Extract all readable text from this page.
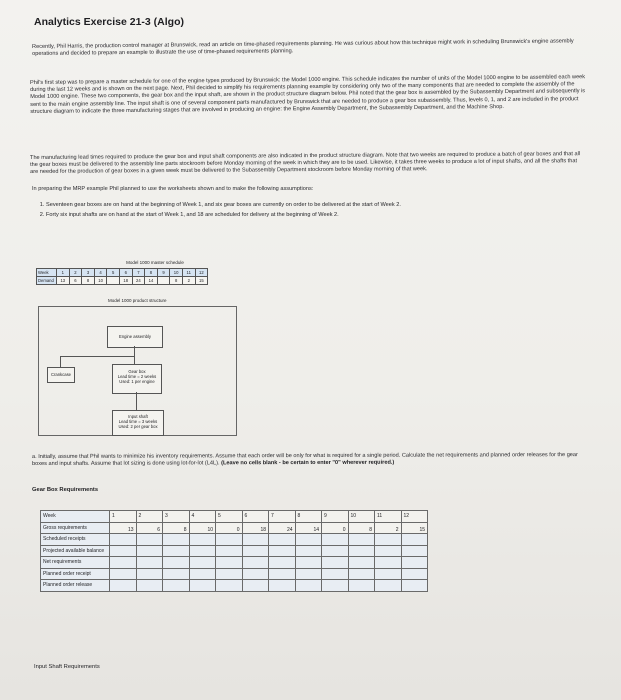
Analytics Exercise 21-3 (Algo)
Recently, Phil Harris, the production control manager at Brunswick, read an article on time-phased requirements planning. He was curious about how this technique might work in scheduling Brunswick's engine assembly operations and decided to prepare an example to illustrate the use of time-phased requirements planning.
Phil's first step was to prepare a master schedule for one of the engine types produced by Brunswick: the Model 1000 engine. This schedule indicates the number of units of the Model 1000 engine to be assembled each week during the last 12 weeks and is shown on the next page. Next, Phil decided to simplify his requirements planning example by considering only two of the many components that are needed to complete the assembly of the Model 1000 engine. These two components, the gear box and the input shaft, are shown in the product structure diagram below. Phil noted that the gear box is assembled by the Subassembly Department and subsequently is sent to the main engine assembly line. The input shaft is one of several component parts manufactured by Brunswick that are needed to produce a gear box subassembly. Thus, levels 0, 1, and 2 are included in the product structure diagram to indicate the three manufacturing stages that are involved in producing an engine: the Engine Assembly Department, the Subassembly Department, and the Machine Shop.
The manufacturing lead times required to produce the gear box and input shaft components are also indicated in the product structure diagram. Note that two weeks are required to produce a batch of gear boxes and that all the gear boxes must be delivered to the assembly line parts stockroom before Monday morning of the week in which they are to be used. Likewise, it takes three weeks to produce a lot of input shafts, and all the shafts that are needed for the production of gear boxes in a given week must be delivered to the Subassembly Department stockroom before Monday morning of that week.
In preparing the MRP example Phil planned to use the worksheets shown and to make the following assumptions:
1. Seventeen gear boxes are on hand at the beginning of Week 1, and six gear boxes are currently on order to be delivered at the start of Week 2.
2. Forty six input shafts are on hand at the start of Week 1, and 18 are scheduled for delivery at the beginning of Week 2.
Model 1000 master schedule
Week	1	2	3	4	5	6	7	8	9	10	11	12
Demand	13	6	8	10		18	24	14		8	2	15
Model 1000 product structure
Engine assembly
Crankcase
Gear box
Lead time = 2 weeks
Used: 1 per engine
Input shaft
Lead time = 3 weeks
Used: 2 per gear box
a. Initially, assume that Phil wants to minimize his inventory requirements. Assume that each order will be only for what is required for a single period. Calculate the net requirements and planned order releases for the gear boxes and input shafts. Assume that lot sizing is done using lot-for-lot (L4L). (Leave no cells blank - be certain to enter "0" wherever required.)
Gear Box Requirements
Week	1	2	3	4	5	6	7	8	9	10	11	12
Gross requirements	13	6	8	10	0	18	24	14	0	8	2	15
Scheduled receipts												
Projected available balance												
Net requirements												
Planned order receipt												
Planned order release												
Input Shaft Requirements
